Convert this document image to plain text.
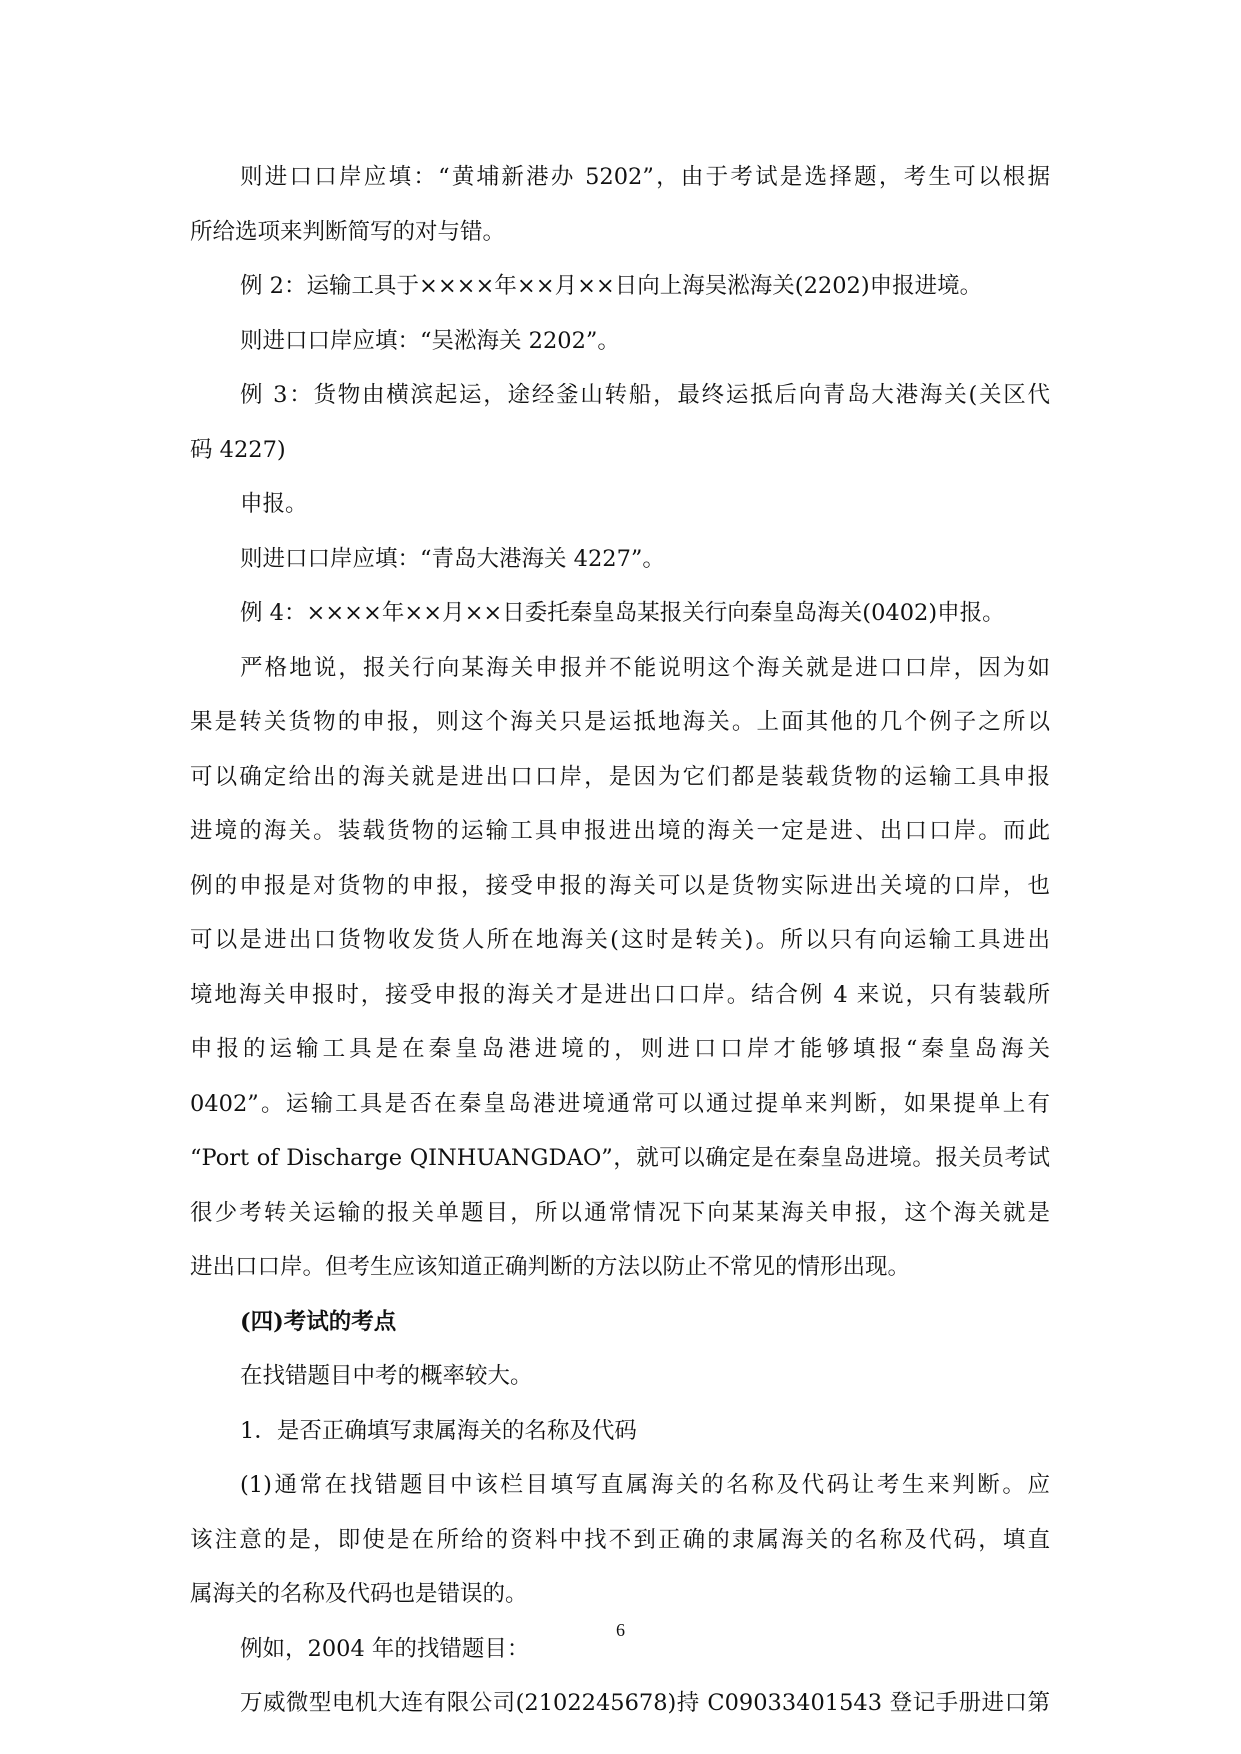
则进口口岸应填：“黄埔新港办 5202”，由于考试是选择题，考生可以根据
所给选项来判断简写的对与错。
例 2：运输工具于××××年××月××日向上海吴淞海关(2202)申报进境。
则进口口岸应填：“吴淞海关 2202”。
例 3：货物由横滨起运，途经釜山转船，最终运抵后向青岛大港海关(关区代
码 4227)
申报。
则进口口岸应填：“青岛大港海关 4227”。
例 4：××××年××月××日委托秦皇岛某报关行向秦皇岛海关(0402)申报。
严格地说，报关行向某海关申报并不能说明这个海关就是进口口岸，因为如
果是转关货物的申报，则这个海关只是运抵地海关。上面其他的几个例子之所以
可以确定给出的海关就是进出口口岸，是因为它们都是装载货物的运输工具申报
进境的海关。装载货物的运输工具申报进出境的海关一定是进、出口口岸。而此
例的申报是对货物的申报，接受申报的海关可以是货物实际进出关境的口岸，也
可以是进出口货物收发货人所在地海关(这时是转关)。所以只有向运输工具进出
境地海关申报时，接受申报的海关才是进出口口岸。结合例 4 来说，只有装载所
申报的运输工具是在秦皇岛港进境的，则进口口岸才能够填报“秦皇岛海关
0402”。运输工具是否在秦皇岛港进境通常可以通过提单来判断，如果提单上有
“Port of Discharge QINHUANGDAO”，就可以确定是在秦皇岛进境。报关员考试
很少考转关运输的报关单题目，所以通常情况下向某某海关申报，这个海关就是
进出口口岸。但考生应该知道正确判断的方法以防止不常见的情形出现。
(四)考试的考点
在找错题目中考的概率较大。
1．是否正确填写隶属海关的名称及代码
(1)通常在找错题目中该栏目填写直属海关的名称及代码让考生来判断。应
该注意的是，即使是在所给的资料中找不到正确的隶属海关的名称及代码，填直
属海关的名称及代码也是错误的。
例如，2004 年的找错题目：
万威微型电机大连有限公司(2102245678)持 C09033401543 登记手册进口第
6
